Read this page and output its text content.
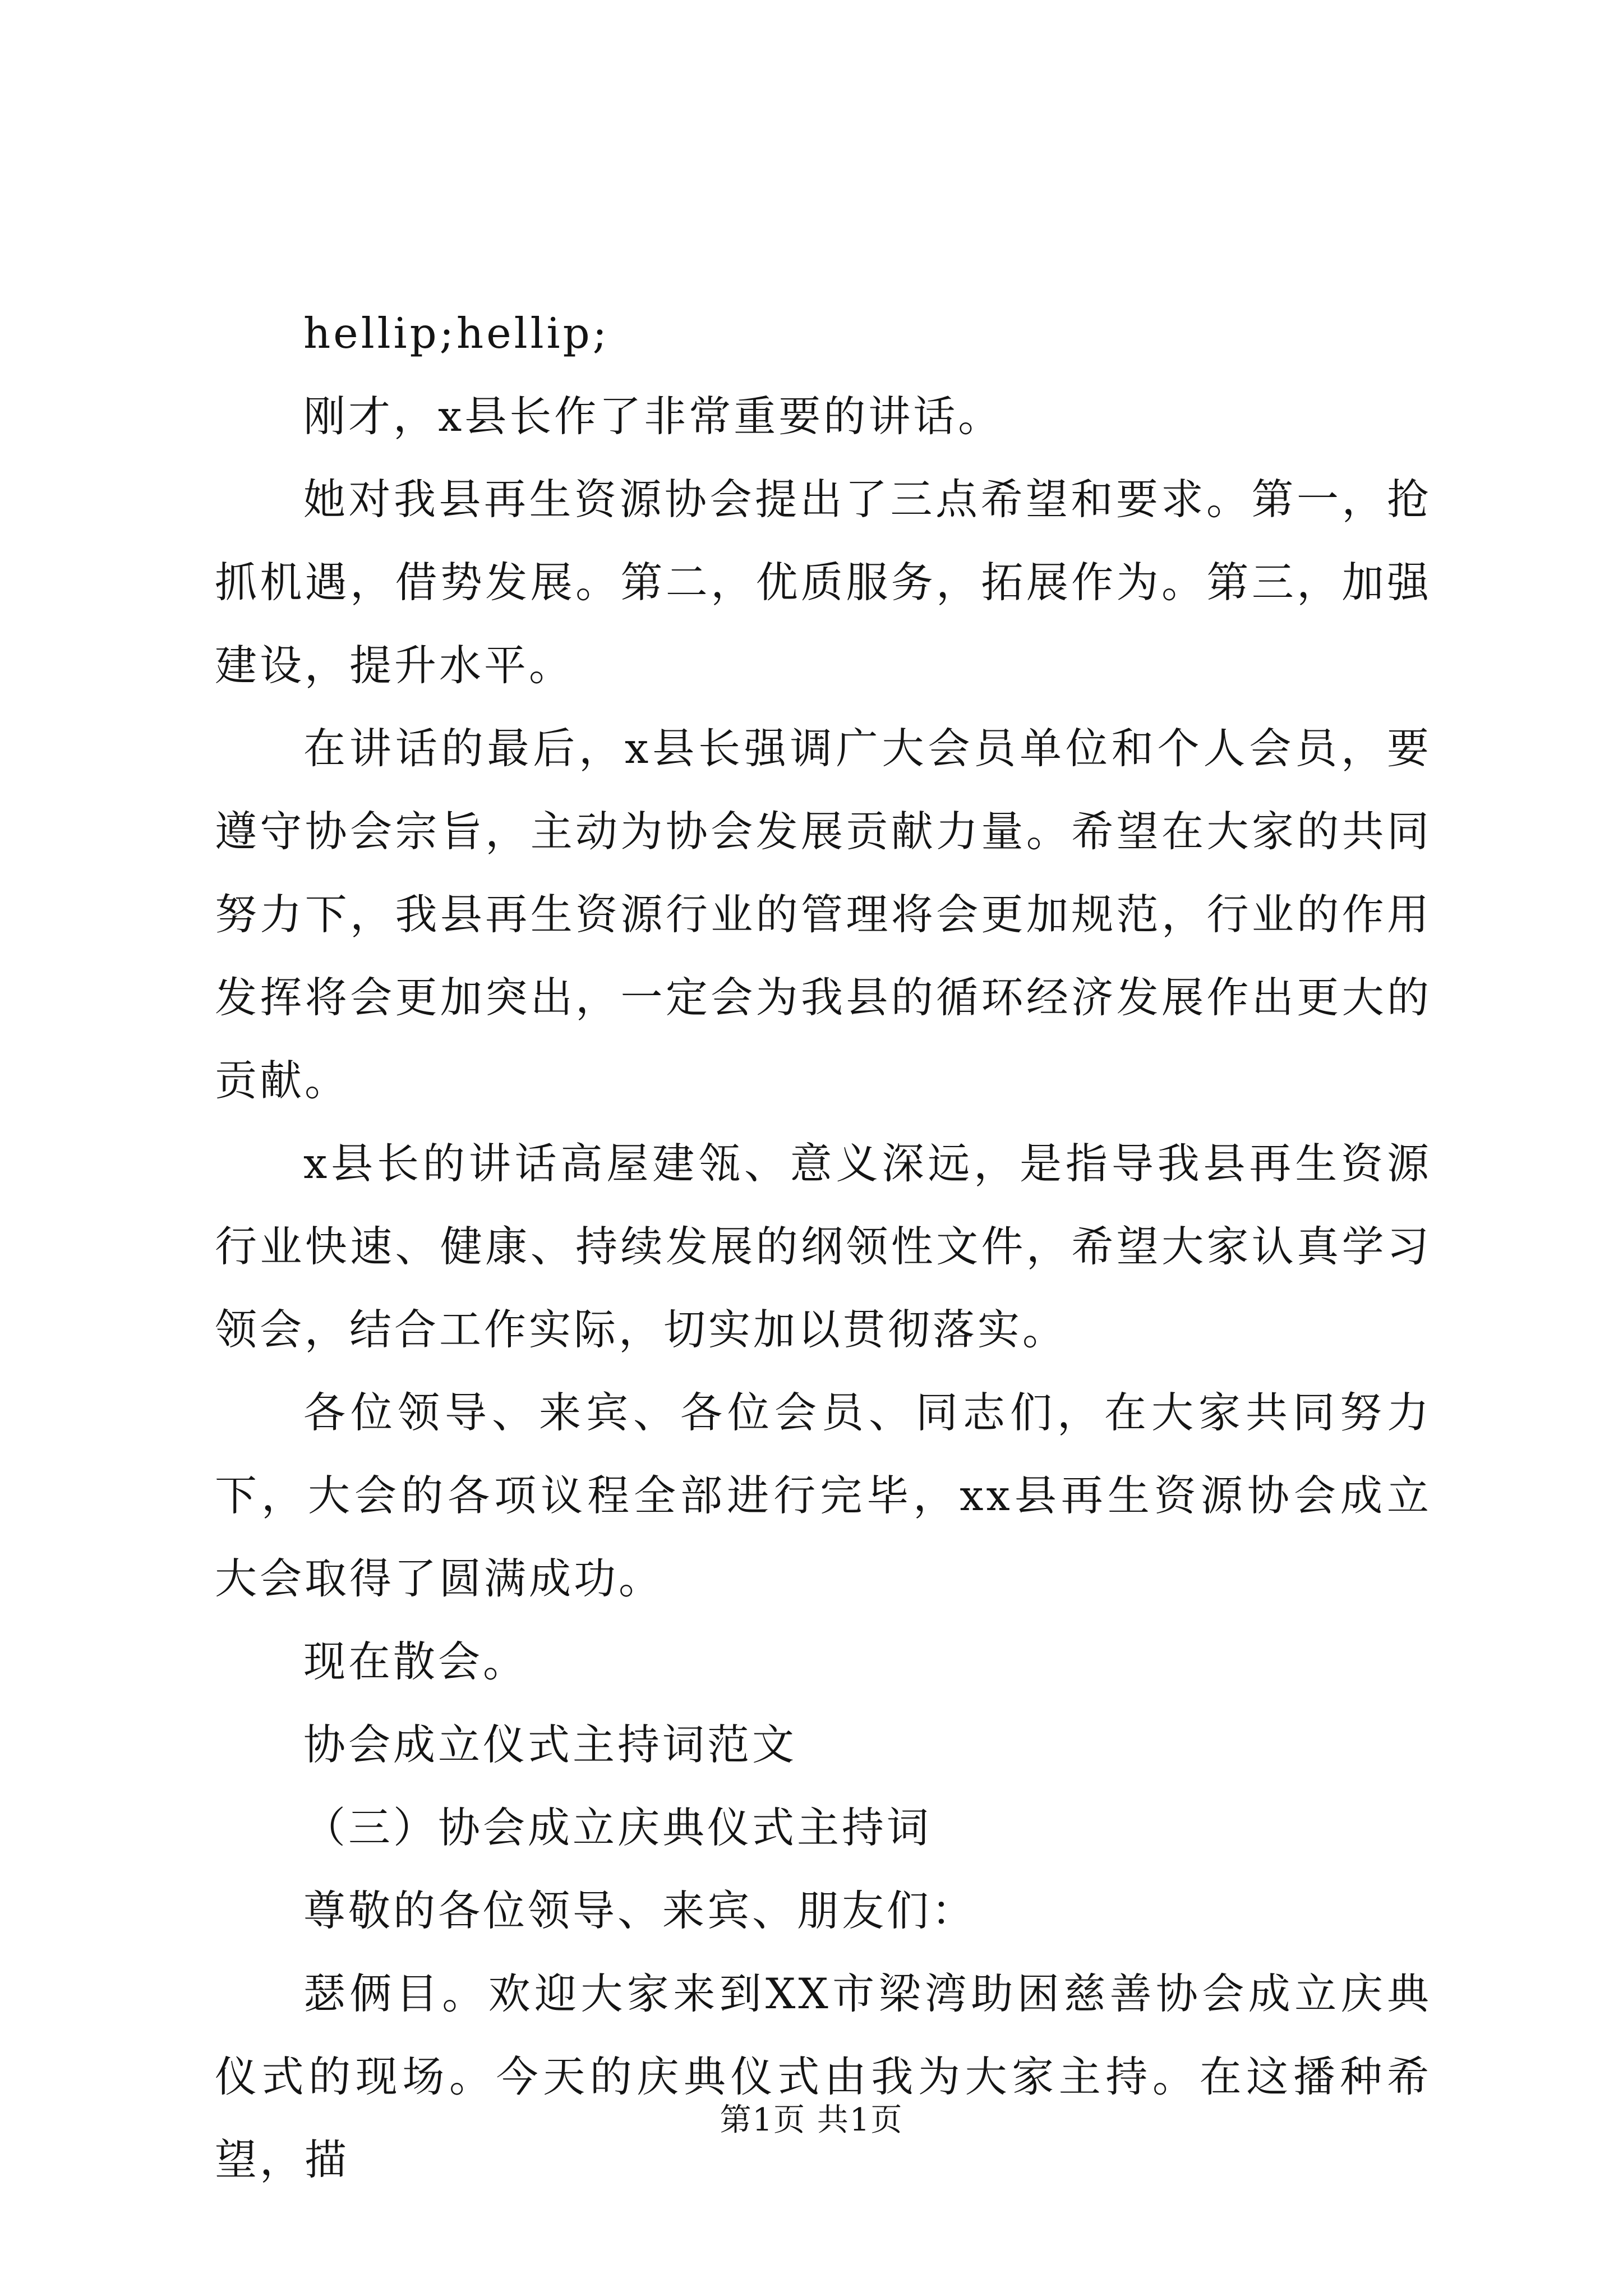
hellip;hellip;

刚才，x县长作了非常重要的讲话。

她对我县再生资源协会提出了三点希望和要求。第一，抢抓机遇，借势发展。第二，优质服务，拓展作为。第三，加强建设，提升水平。

在讲话的最后，x县长强调广大会员单位和个人会员，要遵守协会宗旨，主动为协会发展贡献力量。希望在大家的共同努力下，我县再生资源行业的管理将会更加规范，行业的作用发挥将会更加突出，一定会为我县的循环经济发展作出更大的贡献。

x县长的讲话高屋建瓴、意义深远，是指导我县再生资源行业快速、健康、持续发展的纲领性文件，希望大家认真学习领会，结合工作实际，切实加以贯彻落实。

各位领导、来宾、各位会员、同志们，在大家共同努力下，大会的各项议程全部进行完毕，xx县再生资源协会成立大会取得了圆满成功。

现在散会。

协会成立仪式主持词范文

（三）协会成立庆典仪式主持词

尊敬的各位领导、来宾、朋友们：

瑟俩目。欢迎大家来到XX市梁湾助困慈善协会成立庆典仪式的现场。今天的庆典仪式由我为大家主持。在这播种希望，描

第1页 共1页
